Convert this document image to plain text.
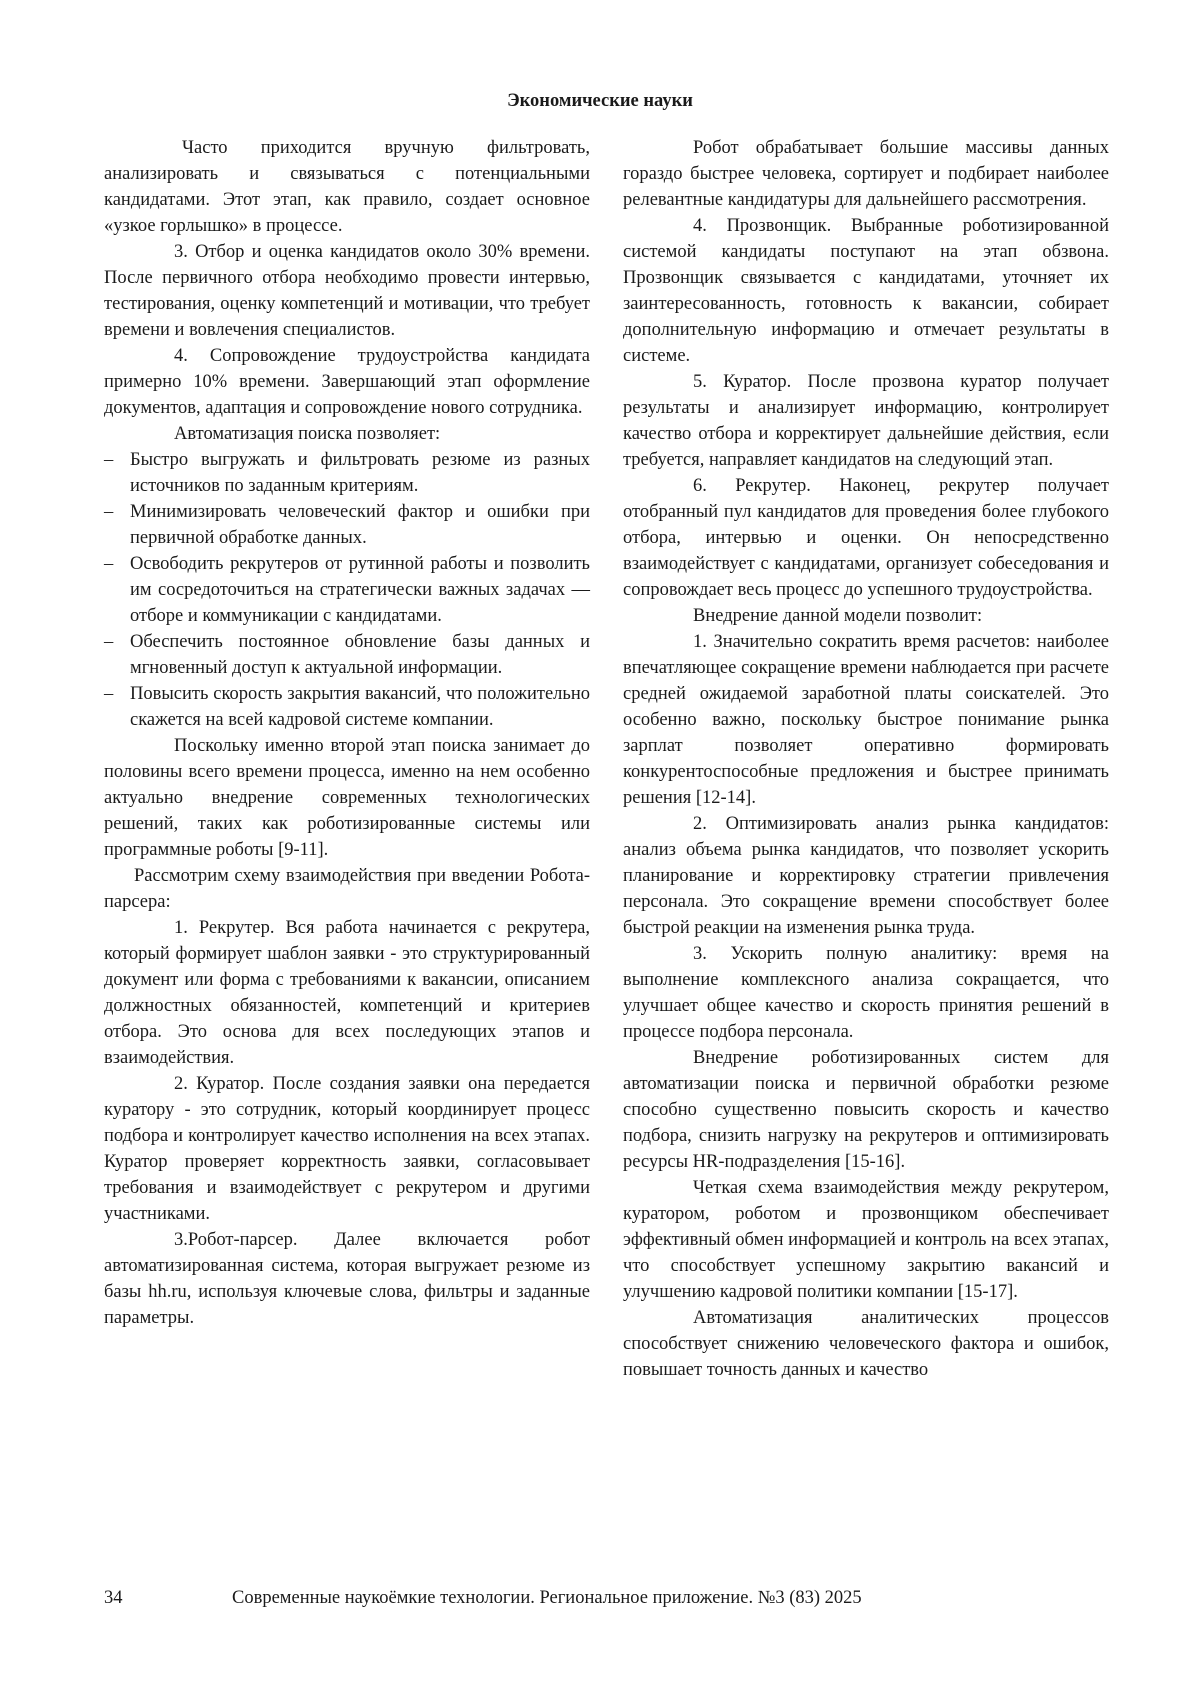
Экономические науки

Часто приходится вручную фильтровать, анализировать и связываться с потенциальными кандидатами. Этот этап, как правило, создает основное «узкое горлышко» в процессе.

3. Отбор и оценка кандидатов около 30% времени. После первичного отбора необходимо провести интервью, тестирования, оценку компетенций и мотивации, что требует времени и вовлечения специалистов.

4. Сопровождение трудоустройства кандидата примерно 10% времени. Завершающий этап оформление документов, адаптация и сопровождение нового сотрудника.

Автоматизация поиска позволяет:

– Быстро выгружать и фильтровать резюме из разных источников по заданным критериям.

– Минимизировать человеческий фактор и ошибки при первичной обработке данных.

– Освободить рекрутеров от рутинной работы и позволить им сосредоточиться на стратегически важных задачах — отборе и коммуникации с кандидатами.

– Обеспечить постоянное обновление базы данных и мгновенный доступ к актуальной информации.

– Повысить скорость закрытия вакансий, что положительно скажется на всей кадровой системе компании.

Поскольку именно второй этап поиска занимает до половины всего времени процесса, именно на нем особенно актуально внедрение современных технологических решений, таких как роботизированные системы или программные роботы [9-11].

Рассмотрим схему взаимодействия при введении Робота-парсера:

1. Рекрутер. Вся работа начинается с рекрутера, который формирует шаблон заявки - это структурированный документ или форма с требованиями к вакансии, описанием должностных обязанностей, компетенций и критериев отбора. Это основа для всех последующих этапов и взаимодействия.

2. Куратор. После создания заявки она передается куратору - это сотрудник, который координирует процесс подбора и контролирует качество исполнения на всех этапах. Куратор проверяет корректность заявки, согласовывает требования и взаимодействует с рекрутером и другими участниками.

3.Робот-парсер. Далее включается робот автоматизированная система, которая выгружает резюме из базы hh.ru, используя ключевые слова, фильтры и заданные параметры.

Робот обрабатывает большие массивы данных гораздо быстрее человека, сортирует и подбирает наиболее релевантные кандидатуры для дальнейшего рассмотрения.

4. Прозвонщик. Выбранные роботизированной системой кандидаты поступают на этап обзвона. Прозвонщик связывается с кандидатами, уточняет их заинтересованность, готовность к вакансии, собирает дополнительную информацию и отмечает результаты в системе.

5. Куратор. После прозвона куратор получает результаты и анализирует информацию, контролирует качество отбора и корректирует дальнейшие действия, если требуется, направляет кандидатов на следующий этап.

6. Рекрутер. Наконец, рекрутер получает отобранный пул кандидатов для проведения более глубокого отбора, интервью и оценки. Он непосредственно взаимодействует с кандидатами, организует собеседования и сопровождает весь процесс до успешного трудоустройства.

Внедрение данной модели позволит:

1. Значительно сократить время расчетов: наиболее впечатляющее сокращение времени наблюдается при расчете средней ожидаемой заработной платы соискателей. Это особенно важно, поскольку быстрое понимание рынка зарплат позволяет оперативно формировать конкурентоспособные предложения и быстрее принимать решения [12-14].

2. Оптимизировать анализ рынка кандидатов: анализ объема рынка кандидатов, что позволяет ускорить планирование и корректировку стратегии привлечения персонала. Это сокращение времени способствует более быстрой реакции на изменения рынка труда.

3. Ускорить полную аналитику: время на выполнение комплексного анализа сокращается, что улучшает общее качество и скорость принятия решений в процессе подбора персонала.

Внедрение роботизированных систем для автоматизации поиска и первичной обработки резюме способно существенно повысить скорость и качество подбора, снизить нагрузку на рекрутеров и оптимизировать ресурсы HR-подразделения [15-16].

Четкая схема взаимодействия между рекрутером, куратором, роботом и прозвонщиком обеспечивает эффективный обмен информацией и контроль на всех этапах, что способствует успешному закрытию вакансий и улучшению кадровой политики компании [15-17].

Автоматизация аналитических процессов способствует снижению человеческого фактора и ошибок, повышает точность данных и качество

34	Современные наукоёмкие технологии. Региональное приложение. №3 (83) 2025
